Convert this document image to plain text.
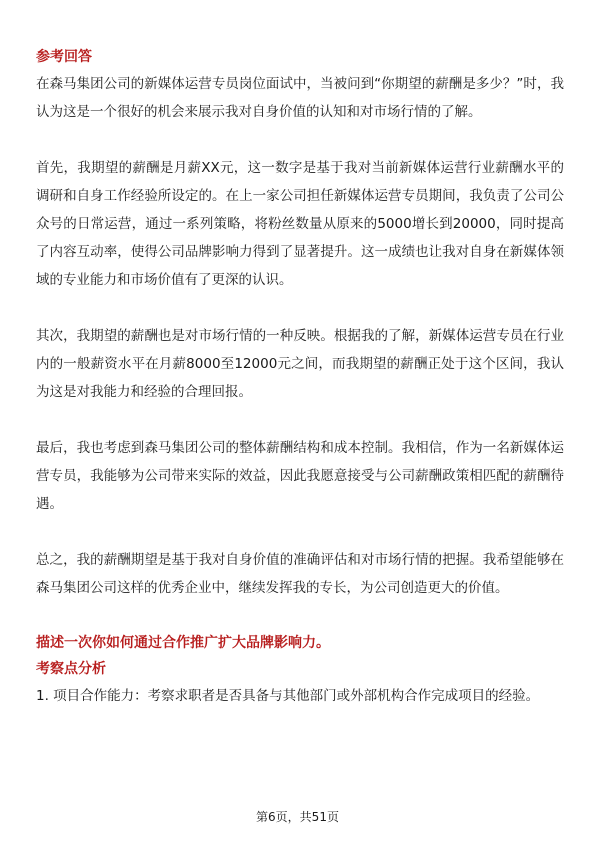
参考回答

在森马集团公司的新媒体运营专员岗位面试中，当被问到“你期望的薪酬是多少？”时，我认为这是一个很好的机会来展示我对自身价值的认知和对市场行情的了解。

首先，我期望的薪酬是月薪XX元，这一数字是基于我对当前新媒体运营行业薪酬水平的调研和自身工作经验所设定的。在上一家公司担任新媒体运营专员期间，我负责了公司公众号的日常运营，通过一系列策略，将粉丝数量从原来的5000增长到20000，同时提高了内容互动率，使得公司品牌影响力得到了显著提升。这一成绩也让我对自身在新媒体领域的专业能力和市场价值有了更深的认识。

其次，我期望的薪酬也是对市场行情的一种反映。根据我的了解，新媒体运营专员在行业内的一般薪资水平在月薪8000至12000元之间，而我期望的薪酬正处于这个区间，我认为这是对我能力和经验的合理回报。

最后，我也考虑到森马集团公司的整体薪酬结构和成本控制。我相信，作为一名新媒体运营专员，我能够为公司带来实际的效益，因此我愿意接受与公司薪酬政策相匹配的薪酬待遇。

总之，我的薪酬期望是基于我对自身价值的准确评估和对市场行情的把握。我希望能够在森马集团公司这样的优秀企业中，继续发挥我的专长，为公司创造更大的价值。

描述一次你如何通过合作推广扩大品牌影响力。

考察点分析

1. 项目合作能力：考察求职者是否具备与其他部门或外部机构合作完成项目的经验。

第6页，共51页
